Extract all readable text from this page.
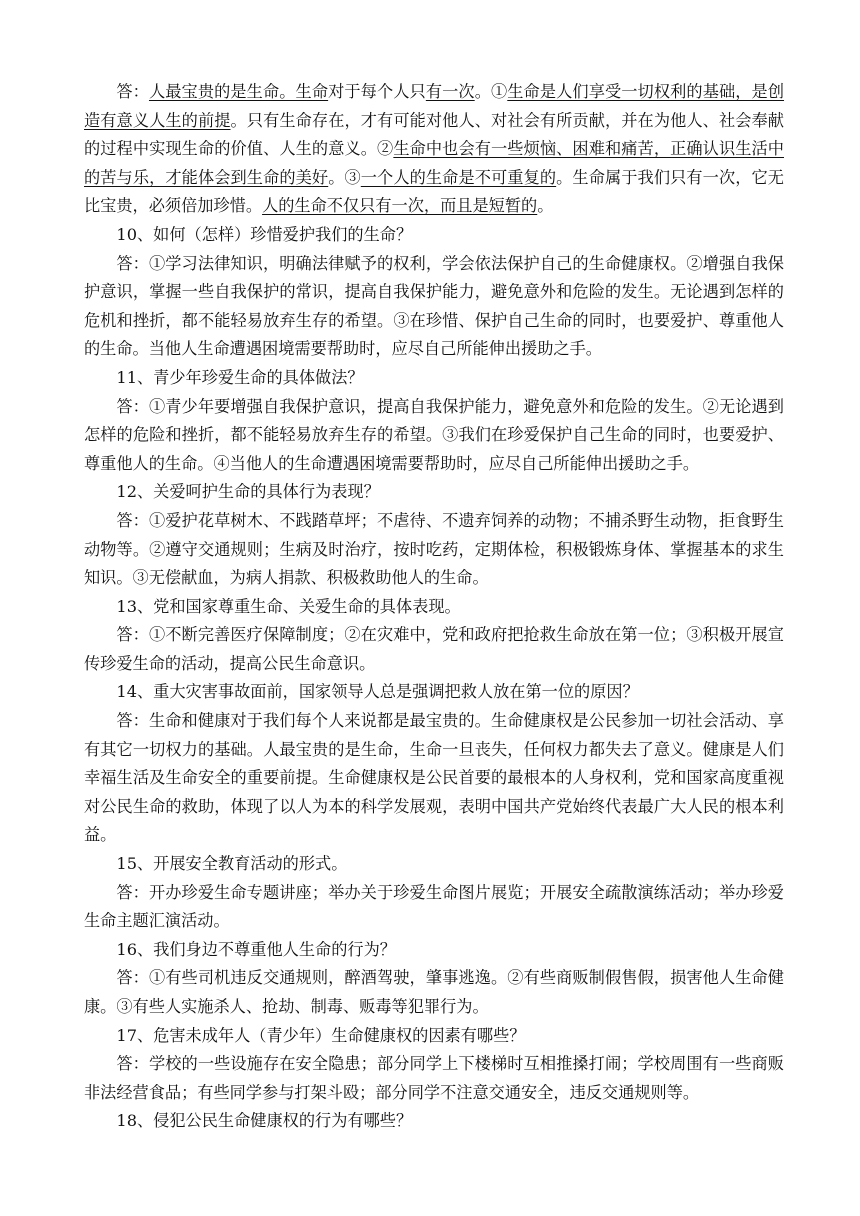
答：人最宝贵的是生命。生命对于每个人只有一次。①生命是人们享受一切权利的基础，是创造有意义人生的前提。只有生命存在，才有可能对他人、对社会有所贡献，并在为他人、社会奉献的过程中实现生命的价值、人生的意义。②生命中也会有一些烦恼、困难和痛苦，正确认识生活中的苦与乐，才能体会到生命的美好。③一个人的生命是不可重复的。生命属于我们只有一次，它无比宝贵，必须倍加珍惜。人的生命不仅只有一次，而且是短暂的。

10、如何（怎样）珍惜爱护我们的生命？

答：①学习法律知识，明确法律赋予的权利，学会依法保护自己的生命健康权。②增强自我保护意识，掌握一些自我保护的常识，提高自我保护能力，避免意外和危险的发生。无论遇到怎样的危机和挫折，都不能轻易放弃生存的希望。③在珍惜、保护自己生命的同时，也要爱护、尊重他人的生命。当他人生命遭遇困境需要帮助时，应尽自己所能伸出援助之手。

11、青少年珍爱生命的具体做法？

答：①青少年要增强自我保护意识，提高自我保护能力，避免意外和危险的发生。②无论遇到怎样的危险和挫折，都不能轻易放弃生存的希望。③我们在珍爱保护自己生命的同时，也要爱护、尊重他人的生命。④当他人的生命遭遇困境需要帮助时，应尽自己所能伸出援助之手。

12、关爱呵护生命的具体行为表现？

答：①爱护花草树木、不践踏草坪；不虐待、不遗弃饲养的动物；不捕杀野生动物，拒食野生动物等。②遵守交通规则；生病及时治疗，按时吃药，定期体检，积极锻炼身体、掌握基本的求生知识。③无偿献血，为病人捐款、积极救助他人的生命。

13、党和国家尊重生命、关爱生命的具体表现。

答：①不断完善医疗保障制度；②在灾难中，党和政府把抢救生命放在第一位；③积极开展宣传珍爱生命的活动，提高公民生命意识。

14、重大灾害事故面前，国家领导人总是强调把救人放在第一位的原因？

答：生命和健康对于我们每个人来说都是最宝贵的。生命健康权是公民参加一切社会活动、享有其它一切权力的基础。人最宝贵的是生命，生命一旦丧失，任何权力都失去了意义。健康是人们幸福生活及生命安全的重要前提。生命健康权是公民首要的最根本的人身权利，党和国家高度重视对公民生命的救助，体现了以人为本的科学发展观，表明中国共产党始终代表最广大人民的根本利益。

15、开展安全教育活动的形式。

答：开办珍爱生命专题讲座；举办关于珍爱生命图片展览；开展安全疏散演练活动；举办珍爱生命主题汇演活动。

16、我们身边不尊重他人生命的行为？

答：①有些司机违反交通规则，醉酒驾驶，肇事逃逸。②有些商贩制假售假，损害他人生命健康。③有些人实施杀人、抢劫、制毒、贩毒等犯罪行为。

17、危害未成年人（青少年）生命健康权的因素有哪些？

答：学校的一些设施存在安全隐患；部分同学上下楼梯时互相推搡打闹；学校周围有一些商贩非法经营食品；有些同学参与打架斗殴；部分同学不注意交通安全，违反交通规则等。

18、侵犯公民生命健康权的行为有哪些？
